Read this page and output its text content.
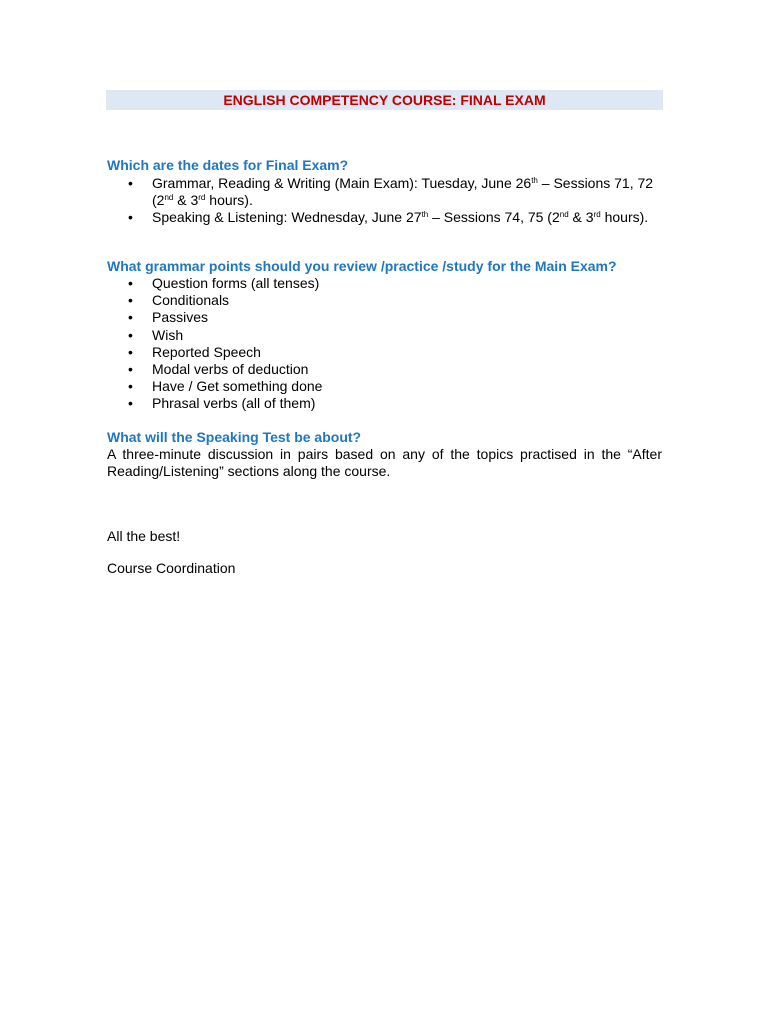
ENGLISH COMPETENCY COURSE: FINAL EXAM
Which are the dates for Final Exam?
• Grammar, Reading & Writing (Main Exam): Tuesday, June 26th – Sessions 71, 72 (2nd & 3rd hours).
• Speaking & Listening: Wednesday, June 27th – Sessions 74, 75 (2nd & 3rd hours).
What grammar points should you review /practice /study for the Main Exam?
• Question forms (all tenses)
• Conditionals
• Passives
• Wish
• Reported Speech
• Modal verbs of deduction
• Have / Get something done
• Phrasal verbs (all of them)
What will the Speaking Test be about?
A three-minute discussion in pairs based on any of the topics practised in the “After Reading/Listening” sections along the course.
All the best!
Course Coordination
